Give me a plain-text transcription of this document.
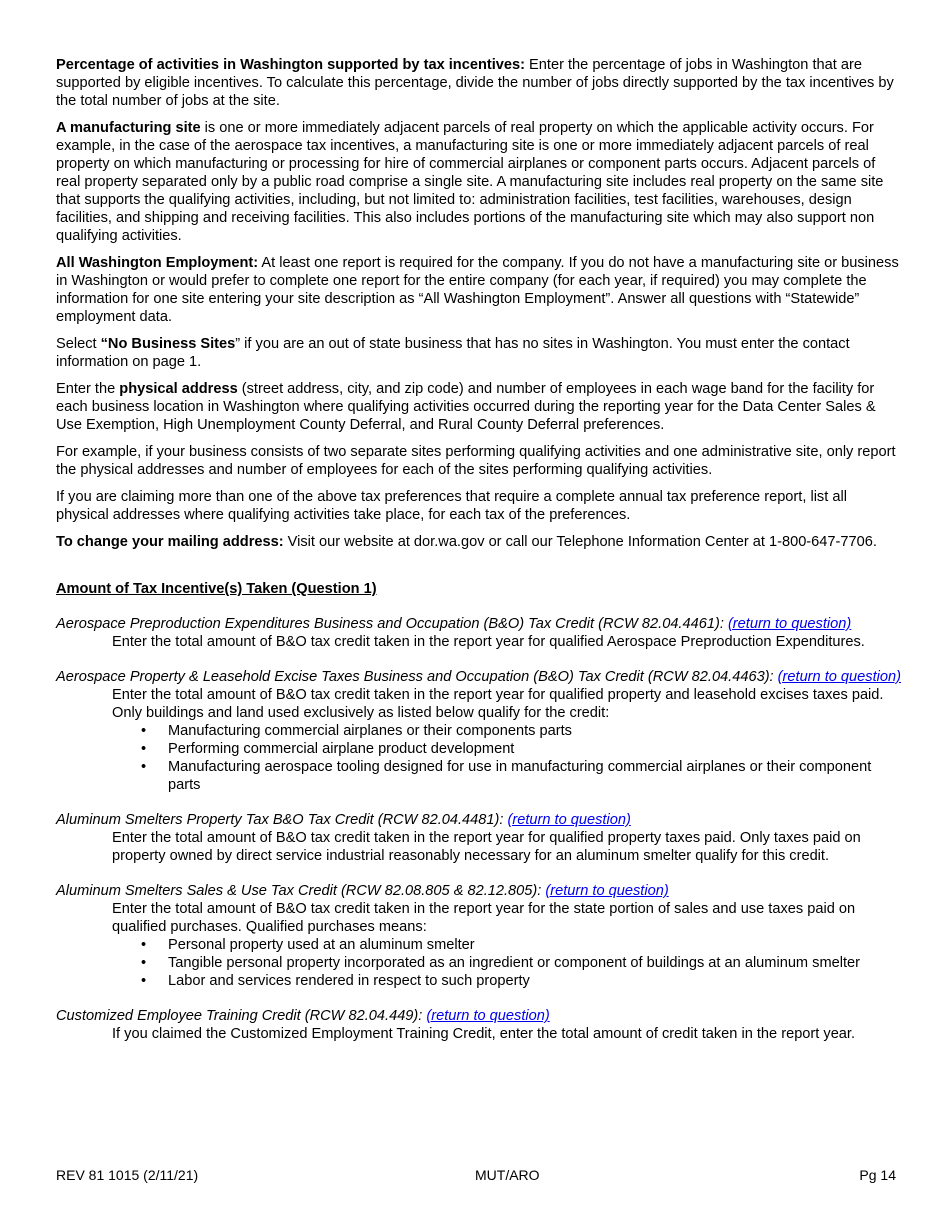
Percentage of activities in Washington supported by tax incentives: Enter the percentage of jobs in Washington that are supported by eligible incentives. To calculate this percentage, divide the number of jobs directly supported by the tax incentives by the total number of jobs at the site.

A manufacturing site is one or more immediately adjacent parcels of real property on which the applicable activity occurs. For example, in the case of the aerospace tax incentives, a manufacturing site is one or more immediately adjacent parcels of real property on which manufacturing or processing for hire of commercial airplanes or component parts occurs. Adjacent parcels of real property separated only by a public road comprise a single site. A manufacturing site includes real property on the same site that supports the qualifying activities, including, but not limited to: administration facilities, test facilities, warehouses, design facilities, and shipping and receiving facilities. This also includes portions of the manufacturing site which may also support non qualifying activities.

All Washington Employment: At least one report is required for the company. If you do not have a manufacturing site or business in Washington or would prefer to complete one report for the entire company (for each year, if required) you may complete the information for one site entering your site description as “All Washington Employment”. Answer all questions with “Statewide” employment data.

Select “No Business Sites” if you are an out of state business that has no sites in Washington. You must enter the contact information on page 1.

Enter the physical address (street address, city, and zip code) and number of employees in each wage band for the facility for each business location in Washington where qualifying activities occurred during the reporting year for the Data Center Sales & Use Exemption, High Unemployment County Deferral, and Rural County Deferral preferences.

For example, if your business consists of two separate sites performing qualifying activities and one administrative site, only report the physical addresses and number of employees for each of the sites performing qualifying activities.

If you are claiming more than one of the above tax preferences that require a complete annual tax preference report, list all physical addresses where qualifying activities take place, for each tax of the preferences.

To change your mailing address: Visit our website at dor.wa.gov or call our Telephone Information Center at 1-800-647-7706.

Amount of Tax Incentive(s) Taken (Question 1)
Aerospace Preproduction Expenditures Business and Occupation (B&O) Tax Credit (RCW 82.04.4461): (return to question)
Enter the total amount of B&O tax credit taken in the report year for qualified Aerospace Preproduction Expenditures.
Aerospace Property & Leasehold Excise Taxes Business and Occupation (B&O) Tax Credit (RCW 82.04.4463): (return to question)
Enter the total amount of B&O tax credit taken in the report year for qualified property and leasehold excises taxes paid. Only buildings and land used exclusively as listed below qualify for the credit:
• Manufacturing commercial airplanes or their components parts
• Performing commercial airplane product development
• Manufacturing aerospace tooling designed for use in manufacturing commercial airplanes or their component parts
Aluminum Smelters Property Tax B&O Tax Credit (RCW 82.04.4481): (return to question)
Enter the total amount of B&O tax credit taken in the report year for qualified property taxes paid. Only taxes paid on property owned by direct service industrial reasonably necessary for an aluminum smelter qualify for this credit.
Aluminum Smelters Sales & Use Tax Credit (RCW 82.08.805 & 82.12.805): (return to question)
Enter the total amount of B&O tax credit taken in the report year for the state portion of sales and use taxes paid on qualified purchases. Qualified purchases means:
• Personal property used at an aluminum smelter
• Tangible personal property incorporated as an ingredient or component of buildings at an aluminum smelter
• Labor and services rendered in respect to such property
Customized Employee Training Credit (RCW 82.04.449): (return to question)
If you claimed the Customized Employment Training Credit, enter the total amount of credit taken in the report year.
REV 81 1015 (2/11/21)	MUT/ARO	Pg 14
